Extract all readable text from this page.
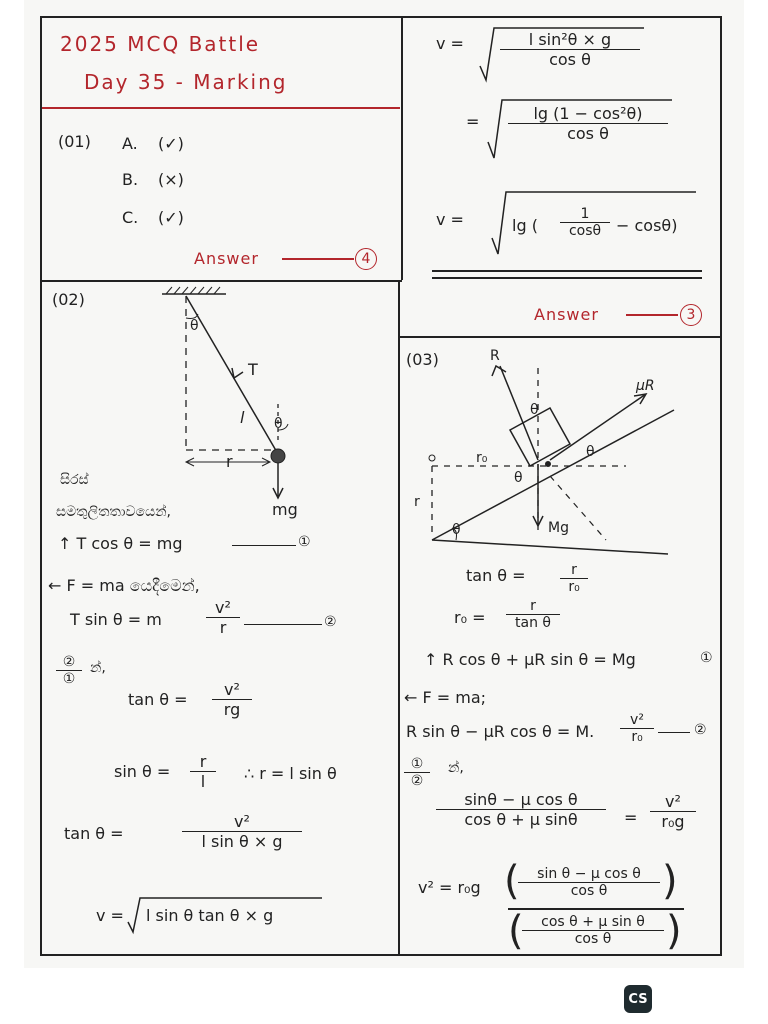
2025 MCQ Battle
Day 35 - Marking
(01) A. (✓)
B. (×)
C. (✓)
Answer	4
$v = \frac{\text{l sin²θ × g}}{\text{cos θ}}$
= $\frac{\text{lg (1 − cos²θ)}}{\text{cos θ}}$
v =	lg ( $\frac{1}{\cos\theta} - \cos\theta$)
Answer	3
(02)
θ
θ
T
l
r
mg
සිරස්
සමතුලිතතාවයෙන්,
↑ T cos θ = mg	①
← F = ma යෙදීමෙන්,
T sin θ = m	$\frac{\text{v²}}{r}$	②
②
①
න්,
$\tan \theta = \frac{\text{v²}}{rg}$
$\sin \theta = \frac{r}{l}$ ∴ r = l sin θ
tan θ =	$\frac{\text{v²}}{\text{l sin θ × g}}$
v = l sin θ tan θ × g
(03)	R
μR
Mg
r₀
r
θ
θ
θ
θ
$\tan \theta = \frac{r}{\text{r₀}}$
$r_0 = \frac{r}{\text{tan θ}}$
↑ R cos θ + μR sin θ = Mg	①
← F = ma;
R sin θ − μR cos θ = M. $\frac{\text{v²}}{\text{r₀}}$	②
①
②
න්,
$\frac{\text{sinθ − μ cos θ}}{\text{cos θ + μ sinθ}} = \frac{\text{v²}}{\text{r₀g}}$
v² = r₀g (
$\frac{\text{sin θ − μ cos θ}}{\text{cos θ}}$ )
(
$\frac{\text{cos θ + μ sin θ}}{\text{cos θ}}$ )
CS
